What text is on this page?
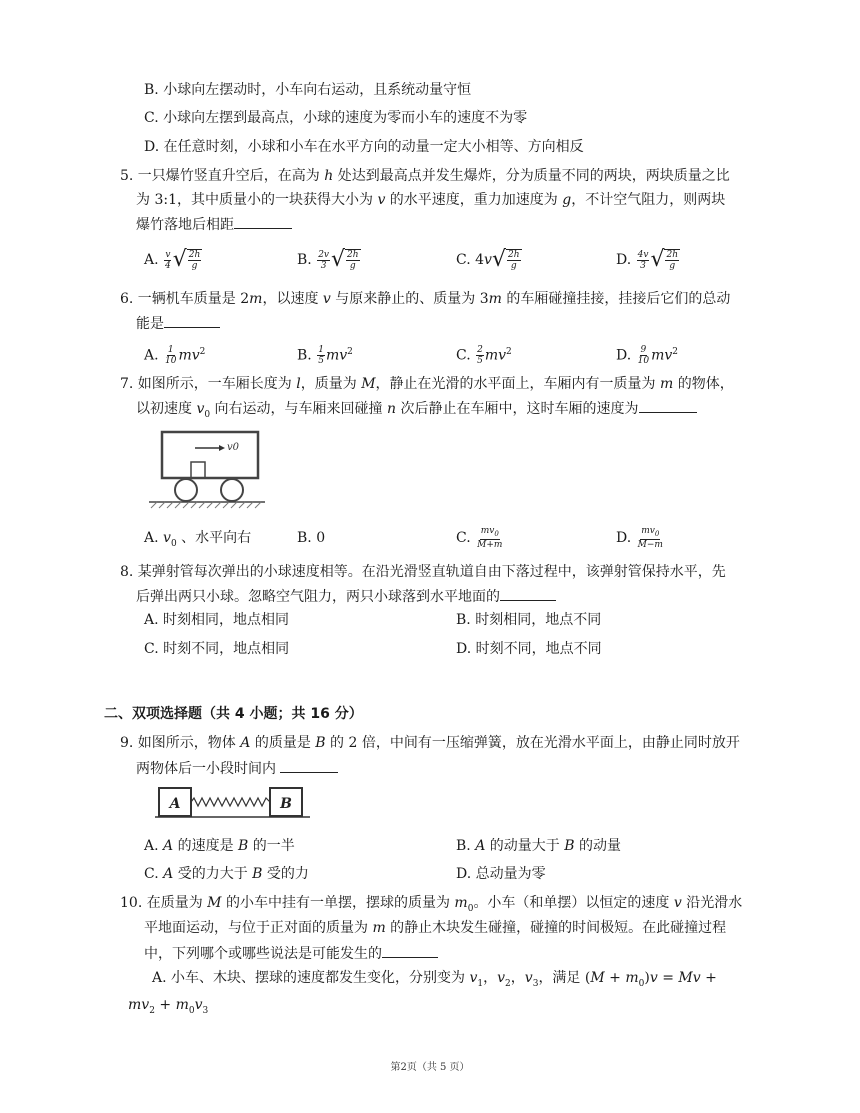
B. 小球向左摆动时，小车向右运动，且系统动量守恒
C. 小球向左摆到最高点，小球的速度为零而小车的速度不为零
D. 在任意时刻，小球和小车在水平方向的动量一定大小相等、方向相反
5. 一只爆竹竖直升空后，在高为 h 处达到最高点并发生爆炸，分为质量不同的两块，两块质量之比
为 3:1，其中质量小的一块获得大小为 v 的水平速度，重力加速度为 g，不计空气阻力，则两块
爆竹落地后相距
A. $\frac{v}{4}$ √ $\frac{2h}{g}$	B. $\frac{2v}{3}$ √ $\frac{2h}{g}$	C. 4v √ $\frac{2h}{g}$	D. $\frac{4v}{3}$ √ $\frac{2h}{g}$
6. 一辆机车质量是 2m，以速度 v 与原来静止的、质量为 3m 的车厢碰撞挂接，挂接后它们的总动
能是
A. $\frac{1}{10} mv^2$	B. $\frac{1}{5} mv^2$	C. $\frac{2}{5} mv^2$	D. $\frac{9}{10} mv^2$
7. 如图所示，一车厢长度为 l，质量为 M，静止在光滑的水平面上，车厢内有一质量为 m 的物体，
以初速度 $v_0$ 向右运动，与车厢来回碰撞 n 次后静止在车厢中，这时车厢的速度为
v0
A. $v_0$ 、水平向右	B. 0	C. $\frac{mv_0}{M+m}$	D. $\frac{mv_0}{M-m}$
8. 某弹射管每次弹出的小球速度相等。在沿光滑竖直轨道自由下落过程中，该弹射管保持水平，先
后弹出两只小球。忽略空气阻力，两只小球落到水平地面的
A. 时刻相同，地点相同	B. 时刻相同，地点不同
C. 时刻不同，地点相同	D. 时刻不同，地点不同
二、双项选择题（共 4 小题；共 16 分）
9. 如图所示，物体 A 的质量是 B 的 2 倍，中间有一压缩弹簧，放在光滑水平面上，由静止同时放开
两物体后一小段时间内
A	B
A. A 的速度是 B 的一半	B. A 的动量大于 B 的动量
C. A 受的力大于 B 受的力	D. 总动量为零
10. 在质量为 M 的小车中挂有一单摆，摆球的质量为 $m_0$。小车（和单摆）以恒定的速度 v 沿光滑水
平地面运动，与位于正对面的质量为 m 的静止木块发生碰撞，碰撞的时间极短。在此碰撞过程
中，下列哪个或哪些说法是可能发生的
A. 小车、木块、摆球的速度都发生变化，分别变为 $v_1$，$v_2$，$v_3$，满足 $(M + m_0)v = Mv$ +
$mv_2 + m_0v_3$
第2页（共 5 页）
